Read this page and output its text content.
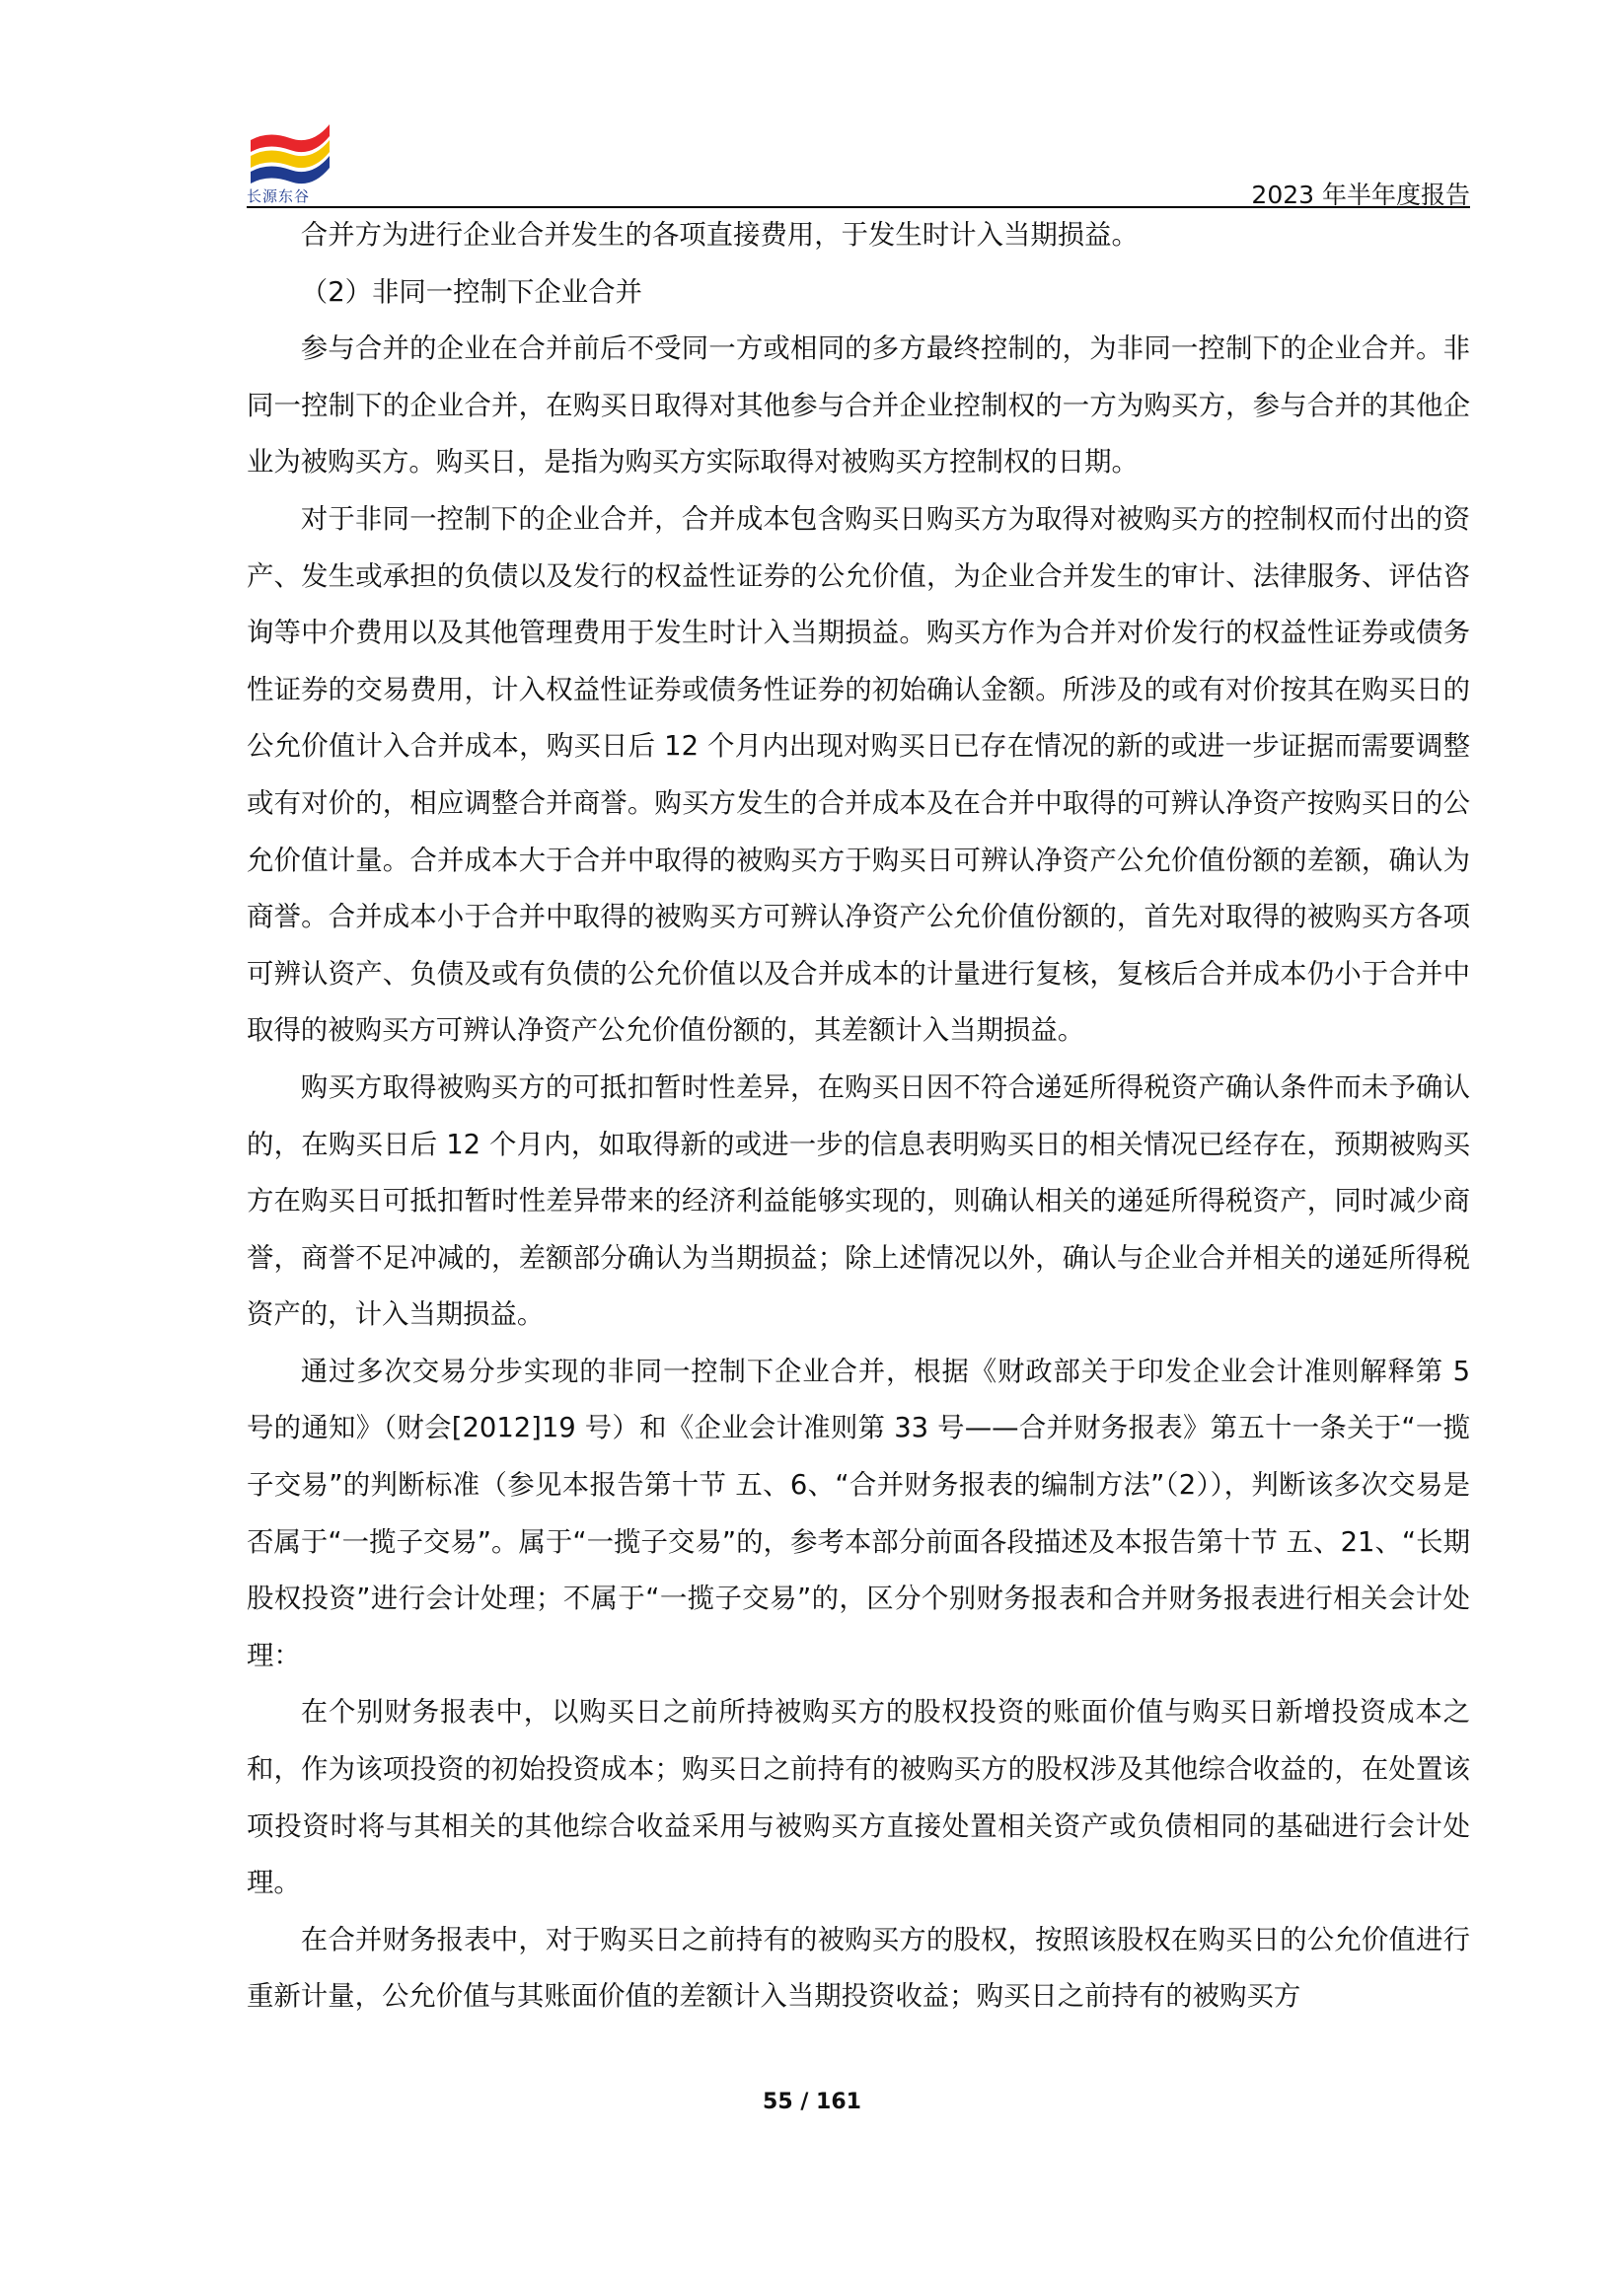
长源东谷	2023 年半年度报告

合并方为进行企业合并发生的各项直接费用，于发生时计入当期损益。

（2）非同一控制下企业合并

参与合并的企业在合并前后不受同一方或相同的多方最终控制的，为非同一控制下的企业合并。非同一控制下的企业合并，在购买日取得对其他参与合并企业控制权的一方为购买方，参与合并的其他企业为被购买方。购买日，是指为购买方实际取得对被购买方控制权的日期。

对于非同一控制下的企业合并，合并成本包含购买日购买方为取得对被购买方的控制权而付出的资产、发生或承担的负债以及发行的权益性证券的公允价值，为企业合并发生的审计、法律服务、评估咨询等中介费用以及其他管理费用于发生时计入当期损益。购买方作为合并对价发行的权益性证券或债务性证券的交易费用，计入权益性证券或债务性证券的初始确认金额。所涉及的或有对价按其在购买日的公允价值计入合并成本，购买日后 12 个月内出现对购买日已存在情况的新的或进一步证据而需要调整或有对价的，相应调整合并商誉。购买方发生的合并成本及在合并中取得的可辨认净资产按购买日的公允价值计量。合并成本大于合并中取得的被购买方于购买日可辨认净资产公允价值份额的差额，确认为商誉。合并成本小于合并中取得的被购买方可辨认净资产公允价值份额的，首先对取得的被购买方各项可辨认资产、负债及或有负债的公允价值以及合并成本的计量进行复核，复核后合并成本仍小于合并中取得的被购买方可辨认净资产公允价值份额的，其差额计入当期损益。

购买方取得被购买方的可抵扣暂时性差异，在购买日因不符合递延所得税资产确认条件而未予确认的，在购买日后 12 个月内，如取得新的或进一步的信息表明购买日的相关情况已经存在，预期被购买方在购买日可抵扣暂时性差异带来的经济利益能够实现的，则确认相关的递延所得税资产，同时减少商誉，商誉不足冲减的，差额部分确认为当期损益；除上述情况以外，确认与企业合并相关的递延所得税资产的，计入当期损益。

通过多次交易分步实现的非同一控制下企业合并，根据《财政部关于印发企业会计准则解释第 5 号的通知》（财会[2012]19 号）和《企业会计准则第 33 号——合并财务报表》第五十一条关于“一揽子交易”的判断标准（参见本报告第十节 五、6、“合并财务报表的编制方法”（2）），判断该多次交易是否属于“一揽子交易”。属于“一揽子交易”的，参考本部分前面各段描述及本报告第十节 五、21、“长期股权投资”进行会计处理；不属于“一揽子交易”的，区分个别财务报表和合并财务报表进行相关会计处理：

在个别财务报表中，以购买日之前所持被购买方的股权投资的账面价值与购买日新增投资成本之和，作为该项投资的初始投资成本；购买日之前持有的被购买方的股权涉及其他综合收益的，在处置该项投资时将与其相关的其他综合收益采用与被购买方直接处置相关资产或负债相同的基础进行会计处理。

在合并财务报表中，对于购买日之前持有的被购买方的股权，按照该股权在购买日的公允价值进行重新计量，公允价值与其账面价值的差额计入当期投资收益；购买日之前持有的被购买方

55 / 161
